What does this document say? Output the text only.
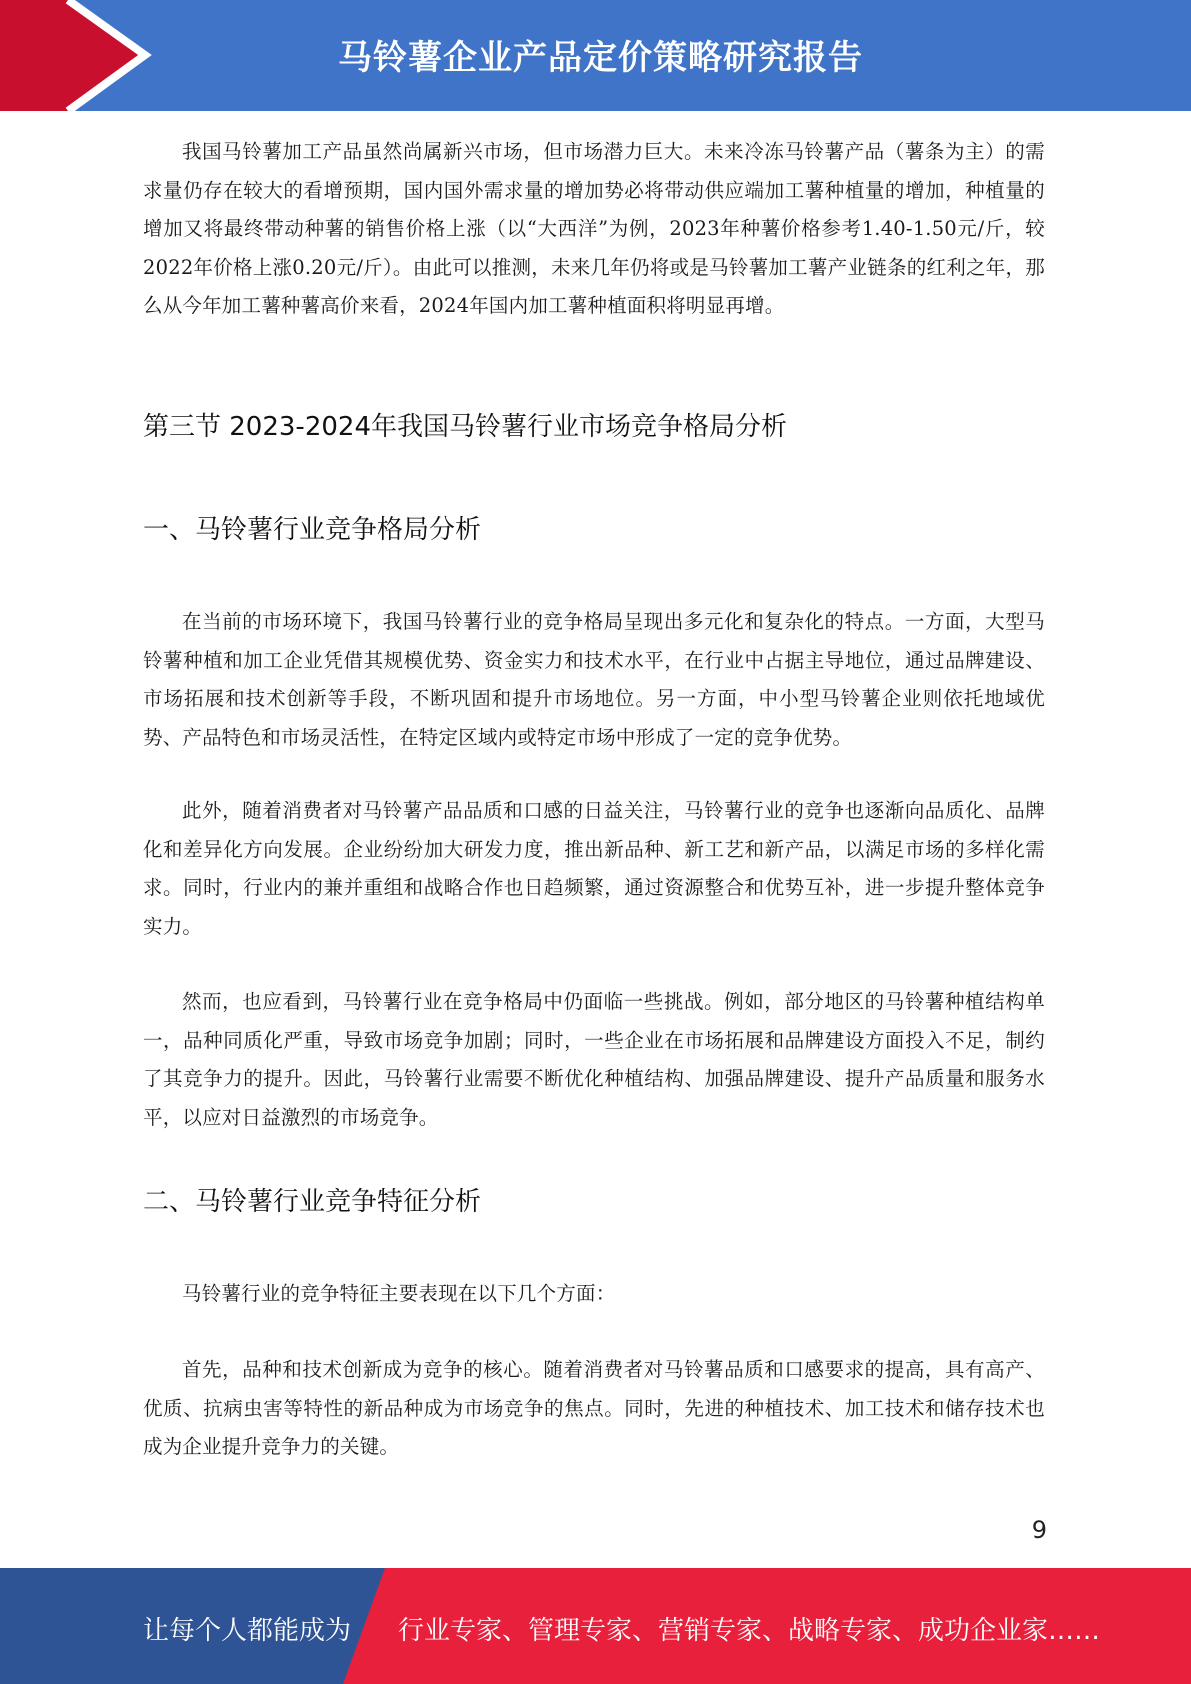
马铃薯企业产品定价策略研究报告

我国马铃薯加工产品虽然尚属新兴市场，但市场潜力巨大。未来冷冻马铃薯产品（薯条为主）的需求量仍存在较大的看增预期，国内国外需求量的增加势必将带动供应端加工薯种植量的增加，种植量的增加又将最终带动种薯的销售价格上涨（以“大西洋”为例，2023年种薯价格参考1.40-1.50元/斤，较2022年价格上涨0.20元/斤）。由此可以推测，未来几年仍将或是马铃薯加工薯产业链条的红利之年，那么从今年加工薯种薯高价来看，2024年国内加工薯种植面积将明显再增。

第三节 2023-2024年我国马铃薯行业市场竞争格局分析
一、马铃薯行业竞争格局分析

在当前的市场环境下，我国马铃薯行业的竞争格局呈现出多元化和复杂化的特点。一方面，大型马铃薯种植和加工企业凭借其规模优势、资金实力和技术水平，在行业中占据主导地位，通过品牌建设、市场拓展和技术创新等手段，不断巩固和提升市场地位。另一方面，中小型马铃薯企业则依托地域优势、产品特色和市场灵活性，在特定区域内或特定市场中形成了一定的竞争优势。

此外，随着消费者对马铃薯产品品质和口感的日益关注，马铃薯行业的竞争也逐渐向品质化、品牌化和差异化方向发展。企业纷纷加大研发力度，推出新品种、新工艺和新产品，以满足市场的多样化需求。同时，行业内的兼并重组和战略合作也日趋频繁，通过资源整合和优势互补，进一步提升整体竞争实力。

然而，也应看到，马铃薯行业在竞争格局中仍面临一些挑战。例如，部分地区的马铃薯种植结构单一，品种同质化严重，导致市场竞争加剧；同时，一些企业在市场拓展和品牌建设方面投入不足，制约了其竞争力的提升。因此，马铃薯行业需要不断优化种植结构、加强品牌建设、提升产品质量和服务水平，以应对日益激烈的市场竞争。

二、马铃薯行业竞争特征分析

马铃薯行业的竞争特征主要表现在以下几个方面：

首先，品种和技术创新成为竞争的核心。随着消费者对马铃薯品质和口感要求的提高，具有高产、优质、抗病虫害等特性的新品种成为市场竞争的焦点。同时，先进的种植技术、加工技术和储存技术也成为企业提升竞争力的关键。

9
让每个人都能成为 行业专家、管理专家、营销专家、战略专家、成功企业家……
